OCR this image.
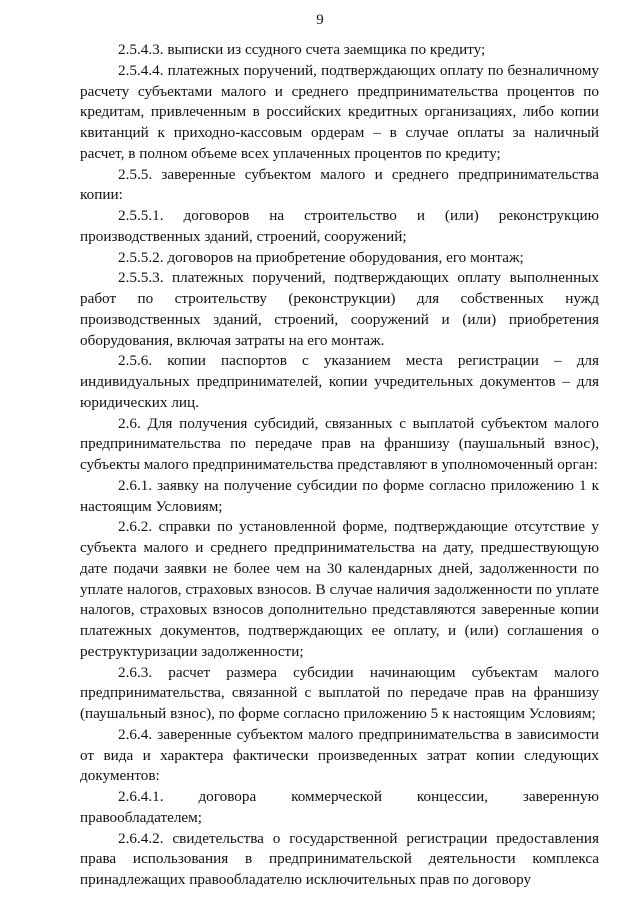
9

2.5.4.3. выписки из ссудного счета заемщика по кредиту;

2.5.4.4. платежных поручений, подтверждающих оплату по безналичному расчету субъектами малого и среднего предпринимательства процентов по кредитам, привлеченным в российских кредитных организациях, либо копии квитанций к приходно-кассовым ордерам – в случае оплаты за наличный расчет, в полном объеме всех уплаченных процентов по кредиту;

2.5.5. заверенные субъектом малого и среднего предпринимательства копии:

2.5.5.1. договоров на строительство и (или) реконструкцию производственных зданий, строений, сооружений;

2.5.5.2. договоров на приобретение оборудования, его монтаж;

2.5.5.3. платежных поручений, подтверждающих оплату выполненных работ по строительству (реконструкции) для собственных нужд производственных зданий, строений, сооружений и (или) приобретения оборудования, включая затраты на его монтаж.

2.5.6. копии паспортов с указанием места регистрации – для индивидуальных предпринимателей, копии учредительных документов – для юридических лиц.

2.6. Для получения субсидий, связанных с выплатой субъектом малого предпринимательства по передаче прав на франшизу (паушальный взнос), субъекты малого предпринимательства представляют в уполномоченный орган:

2.6.1. заявку на получение субсидии по форме согласно приложению 1 к настоящим Условиям;

2.6.2. справки по установленной форме, подтверждающие отсутствие у субъекта малого и среднего предпринимательства на дату, предшествующую дате подачи заявки не более чем на 30 календарных дней, задолженности по уплате налогов, страховых взносов. В случае наличия задолженности по уплате налогов, страховых взносов дополнительно представляются заверенные копии платежных документов, подтверждающих ее оплату, и (или) соглашения о реструктуризации задолженности;

2.6.3. расчет размера субсидии начинающим субъектам малого предпринимательства, связанной с выплатой по передаче прав на франшизу (паушальный взнос), по форме согласно приложению 5 к настоящим Условиям;

2.6.4. заверенные субъектом малого предпринимательства в зависимости от вида и характера фактически произведенных затрат копии следующих документов:

2.6.4.1. договора коммерческой концессии, заверенную правообладателем;

2.6.4.2. свидетельства о государственной регистрации предоставления права использования в предпринимательской деятельности комплекса принадлежащих правообладателю исключительных прав по договору
